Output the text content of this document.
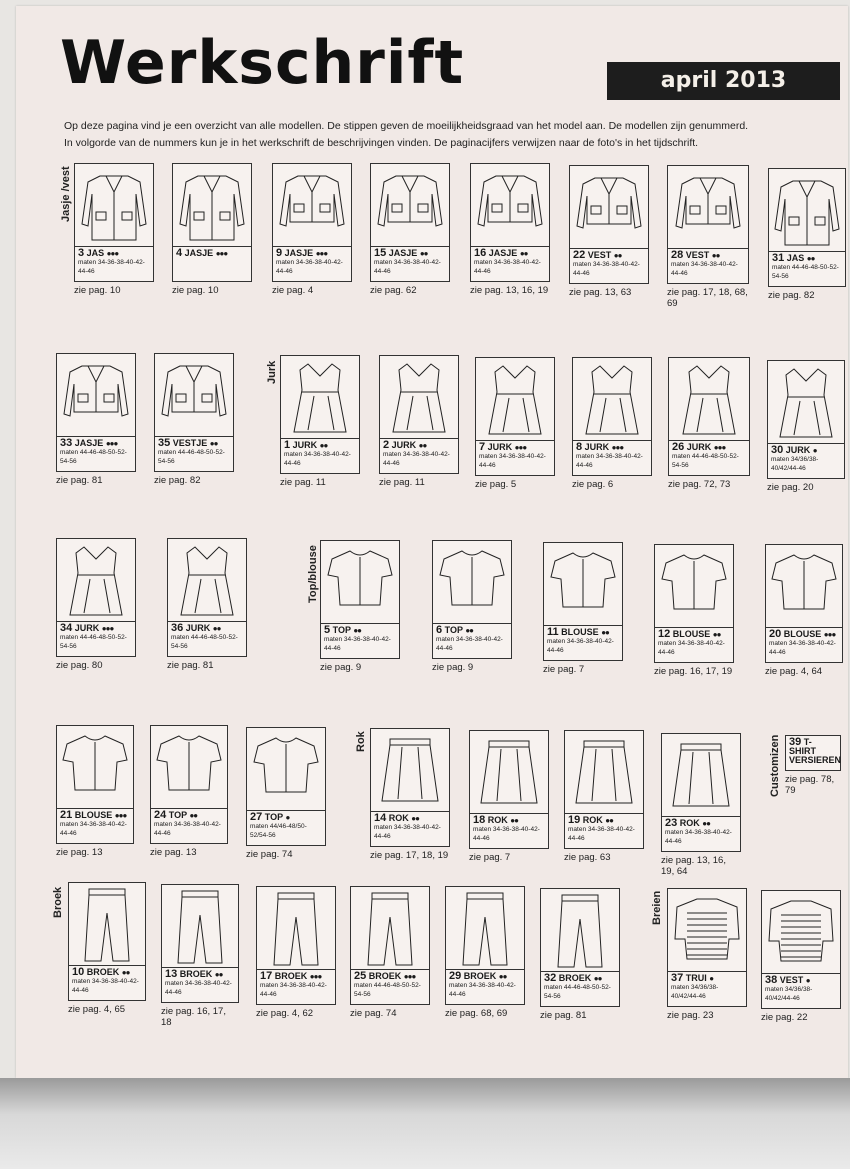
Werkschrift	april 2013
Op deze pagina vind je een overzicht van alle modellen. De stippen geven de moeilijkheidsgraad van het model aan. De modellen zijn genummerd.
In volgorde van de nummers kun je in het werkschrift de beschrijvingen vinden. De paginacijfers verwijzen naar de foto's in het tijdschrift.
Jasje /vest
Jurk
Top/blouse
Rok	Customizen
Broek	Breien
3 JAS ●●●
maten 34-36-38-40-42-44-46
zie pag. 10
4 JASJE ●●●
zie pag. 10
9 JASJE ●●●
maten 34-36-38-40-42-44-46
zie pag. 4
15 JASJE ●●
maten 34-36-38-40-42-44-46
zie pag. 62
16 JASJE ●●
maten 34-36-38-40-42-44-46
zie pag. 13, 16, 19
22 VEST ●●
maten 34-36-38-40-42-44-46
zie pag. 13, 63
28 VEST ●●
maten 34-36-38-40-42-44-46
zie pag. 17, 18, 68, 69
31 JAS ●●
maten 44-46-48-50-52-54-56
zie pag. 82
33 JASJE ●●●
maten 44-46-48-50-52-54-56
zie pag. 81
35 VESTJE ●●
maten 44-46-48-50-52-54-56
zie pag. 82
1 JURK ●●
maten 34-36-38-40-42-44-46
zie pag. 11
2 JURK ●●
maten 34-36-38-40-42-44-46
zie pag. 11
7 JURK ●●●
maten 34-36-38-40-42-44-46
zie pag. 5
8 JURK ●●●
maten 34-36-38-40-42-44-46
zie pag. 6
26 JURK ●●●
maten 44-46-48-50-52-54-56
zie pag. 72, 73
30 JURK ●
maten 34/36/38-40/42/44-46
zie pag. 20
34 JURK ●●●
maten 44-46-48-50-52-54-56
zie pag. 80
36 JURK ●●
maten 44-46-48-50-52-54-56
zie pag. 81
5 TOP ●●
maten 34-36-38-40-42-44-46
zie pag. 9
6 TOP ●●
maten 34-36-38-40-42-44-46
zie pag. 9
11 BLOUSE ●●
maten 34-36-38-40-42-44-46
zie pag. 7
12 BLOUSE ●●
maten 34-36-38-40-42-44-46
zie pag. 16, 17, 19
20 BLOUSE ●●●
maten 34-36-38-40-42-44-46
zie pag. 4, 64
21 BLOUSE ●●●
maten 34-36-38-40-42-44-46
zie pag. 13
24 TOP ●●
maten 34-36-38-40-42-44-46
zie pag. 13
27 TOP ●
maten 44/46-48/50-52/54-56
zie pag. 74
14 ROK ●●
maten 34-36-38-40-42-44-46
zie pag. 17, 18, 19
18 ROK ●●
maten 34-36-38-40-42-44-46
zie pag. 7
19 ROK ●●
maten 34-36-38-40-42-44-46
zie pag. 63
23 ROK ●●
maten 34-36-38-40-42-44-46
zie pag. 13, 16, 19, 64
39 T-SHIRT VERSIEREN
zie pag. 78, 79
10 BROEK ●●
maten 34-36-38-40-42-44-46
zie pag. 4, 65
13 BROEK ●●
maten 34-36-38-40-42-44-46
zie pag. 16, 17, 18
17 BROEK ●●●
maten 34-36-38-40-42-44-46
zie pag. 4, 62
25 BROEK ●●●
maten 44-46-48-50-52-54-56
zie pag. 74
29 BROEK ●●
maten 34-36-38-40-42-44-46
zie pag. 68, 69
32 BROEK ●●
maten 44-46-48-50-52-54-56
zie pag. 81
37 TRUI ●
maten 34/36/38-40/42/44-46
zie pag. 23
38 VEST ●
maten 34/36/38-40/42/44-46
zie pag. 22
